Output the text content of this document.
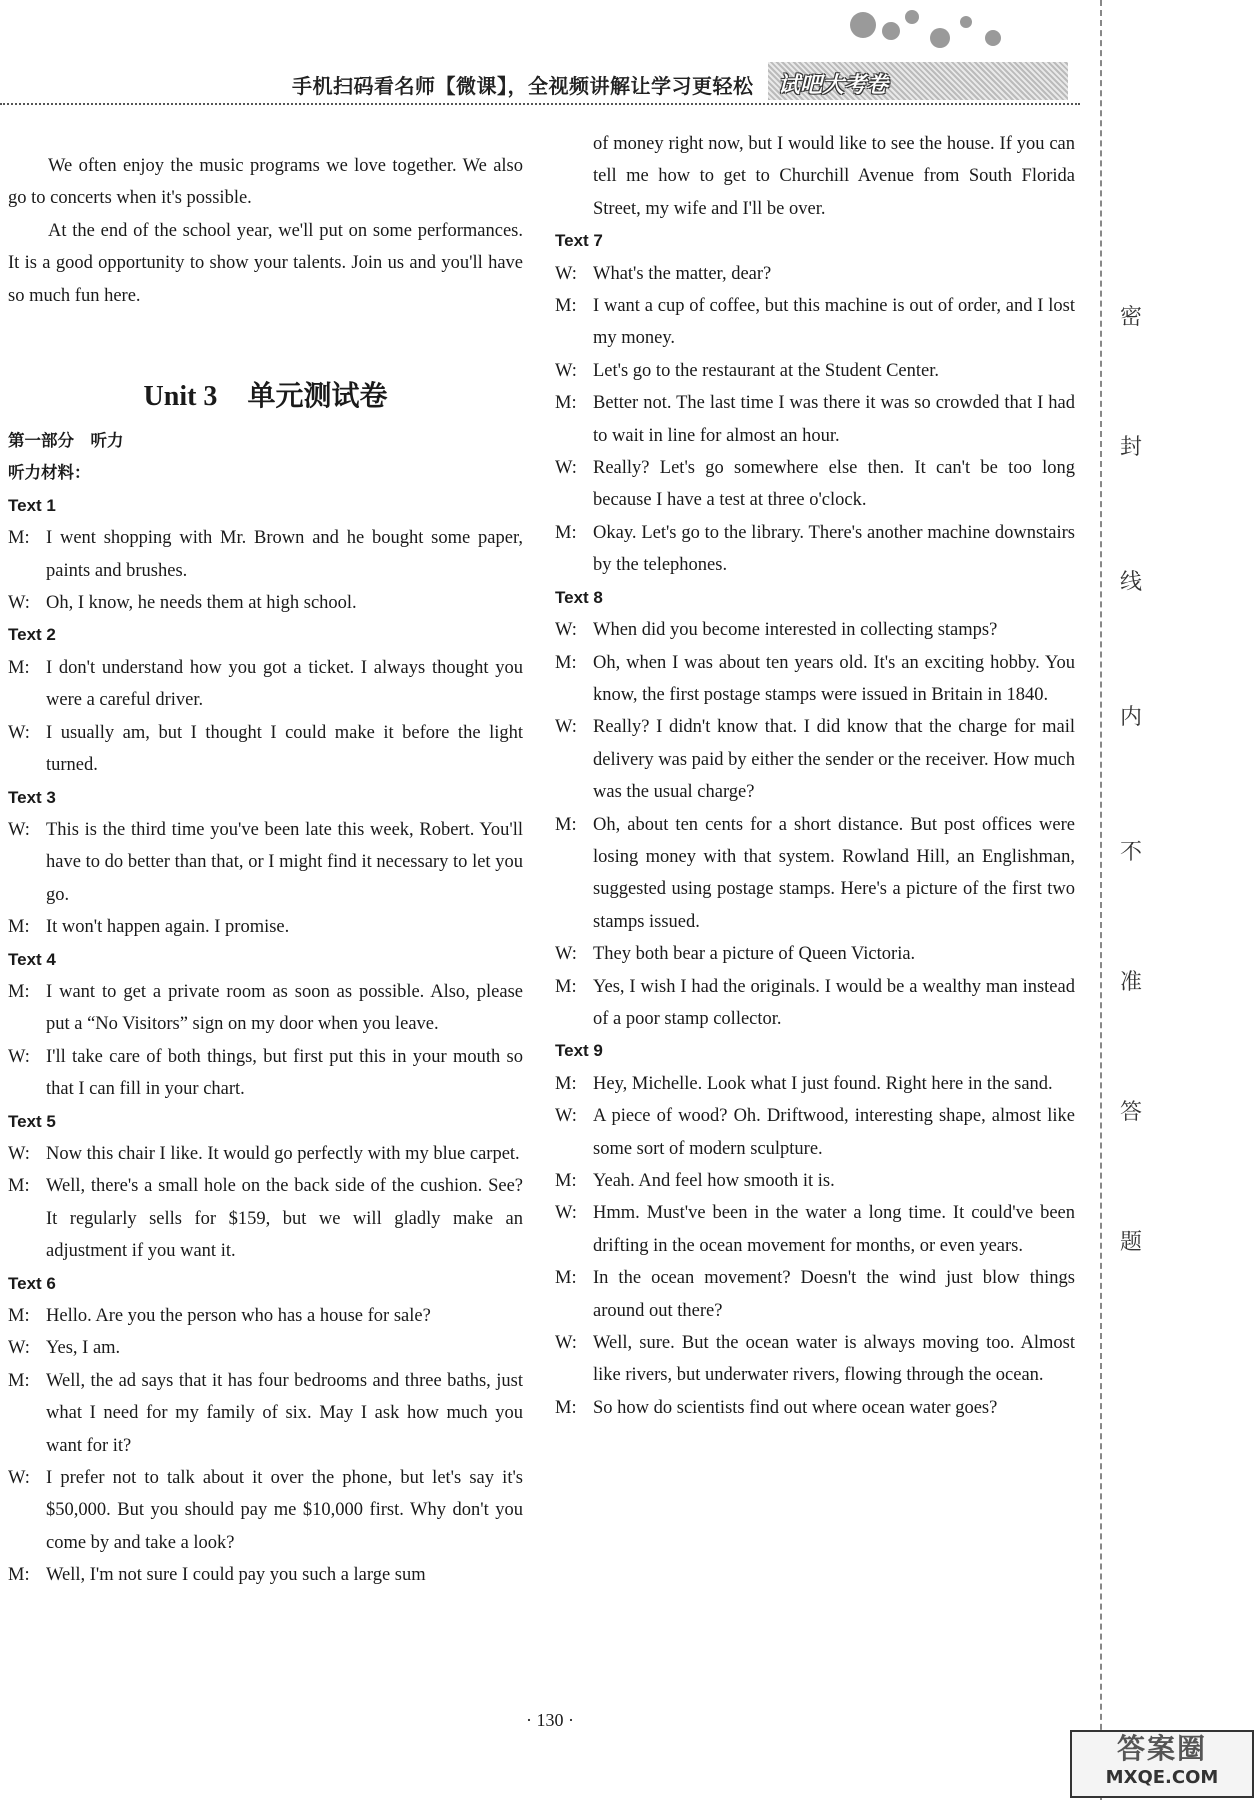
试吧大考卷
手机扫码看名师【微课】，全视频讲解让学习更轻松

We often enjoy the music programs we love together. We also go to concerts when it's possible.

At the end of the school year, we'll put on some performances. It is a good opportunity to show your talents. Join us and you'll have so much fun here.

Unit 3 单元测试卷

第一部分　听力

听力材料：

Text 1

M: I went shopping with Mr. Brown and he bought some paper, paints and brushes.

W: Oh, I know, he needs them at high school.

Text 2

M: I don't understand how you got a ticket. I always thought you were a careful driver.

W: I usually am, but I thought I could make it before the light turned.

Text 3

W: This is the third time you've been late this week, Robert. You'll have to do better than that, or I might find it necessary to let you go.

M: It won't happen again. I promise.

Text 4

M: I want to get a private room as soon as possible. Also, please put a “No Visitors” sign on my door when you leave.

W: I'll take care of both things, but first put this in your mouth so that I can fill in your chart.

Text 5

W: Now this chair I like. It would go perfectly with my blue carpet.

M: Well, there's a small hole on the back side of the cushion. See? It regularly sells for $159, but we will gladly make an adjustment if you want it.

Text 6

M: Hello. Are you the person who has a house for sale?

W: Yes, I am.

M: Well, the ad says that it has four bedrooms and three baths, just what I need for my family of six. May I ask how much you want for it?

W: I prefer not to talk about it over the phone, but let's say it's $50,000. But you should pay me $10,000 first. Why don't you come by and take a look?

M: Well, I'm not sure I could pay you such a large sum

of money right now, but I would like to see the house. If you can tell me how to get to Churchill Avenue from South Florida Street, my wife and I'll be over.

Text 7

W: What's the matter, dear?

M: I want a cup of coffee, but this machine is out of order, and I lost my money.

W: Let's go to the restaurant at the Student Center.

M: Better not. The last time I was there it was so crowded that I had to wait in line for almost an hour.

W: Really? Let's go somewhere else then. It can't be too long because I have a test at three o'clock.

M: Okay. Let's go to the library. There's another machine downstairs by the telephones.

Text 8

W: When did you become interested in collecting stamps?

M: Oh, when I was about ten years old. It's an exciting hobby. You know, the first postage stamps were issued in Britain in 1840.

W: Really? I didn't know that. I did know that the charge for mail delivery was paid by either the sender or the receiver. How much was the usual charge?

M: Oh, about ten cents for a short distance. But post offices were losing money with that system. Rowland Hill, an Englishman, suggested using postage stamps. Here's a picture of the first two stamps issued.

W: They both bear a picture of Queen Victoria.

M: Yes, I wish I had the originals. I would be a wealthy man instead of a poor stamp collector.

Text 9

M: Hey, Michelle. Look what I just found. Right here in the sand.

W: A piece of wood? Oh. Driftwood, interesting shape, almost like some sort of modern sculpture.

M: Yeah. And feel how smooth it is.

W: Hmm. Must've been in the water a long time. It could've been drifting in the ocean movement for months, or even years.

M: In the ocean movement? Doesn't the wind just blow things around out there?

W: Well, sure. But the ocean water is always moving too. Almost like rivers, but underwater rivers, flowing through the ocean.

M: So how do scientists find out where ocean water goes?

密
封
线
内
不
准
答
题
· 130 ·
答案圈
MXQE.COM
